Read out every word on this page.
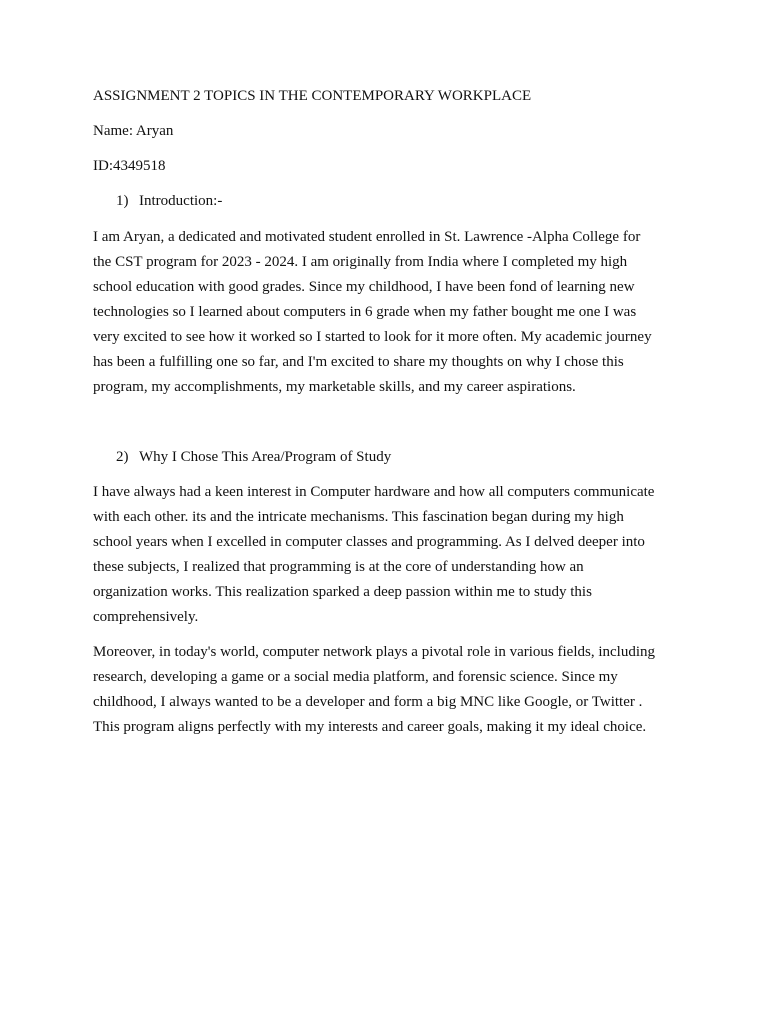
ASSIGNMENT 2 TOPICS IN THE CONTEMPORARY WORKPLACE
Name: Aryan
ID:4349518
1) Introduction:-
I am Aryan, a dedicated and motivated student enrolled in St. Lawrence -Alpha College for
the CST program for 2023 - 2024. I am originally from India where I completed my high
school education with good grades. Since my childhood, I have been fond of learning new
technologies so I learned about computers in 6 grade when my father bought me one I was
very excited to see how it worked so I started to look for it more often. My academic journey
has been a fulfilling one so far, and I'm excited to share my thoughts on why I chose this
program, my accomplishments, my marketable skills, and my career aspirations.
2) Why I Chose This Area/Program of Study
I have always had a keen interest in Computer hardware and how all computers communicate
with each other. its and the intricate mechanisms. This fascination began during my high
school years when I excelled in computer classes and programming. As I delved deeper into
these subjects, I realized that programming is at the core of understanding how an
organization works. This realization sparked a deep passion within me to study this
comprehensively.
Moreover, in today's world, computer network plays a pivotal role in various fields, including
research, developing a game or a social media platform, and forensic science. Since my
childhood, I always wanted to be a developer and form a big MNC like Google, or Twitter .
This program aligns perfectly with my interests and career goals, making it my ideal choice.
